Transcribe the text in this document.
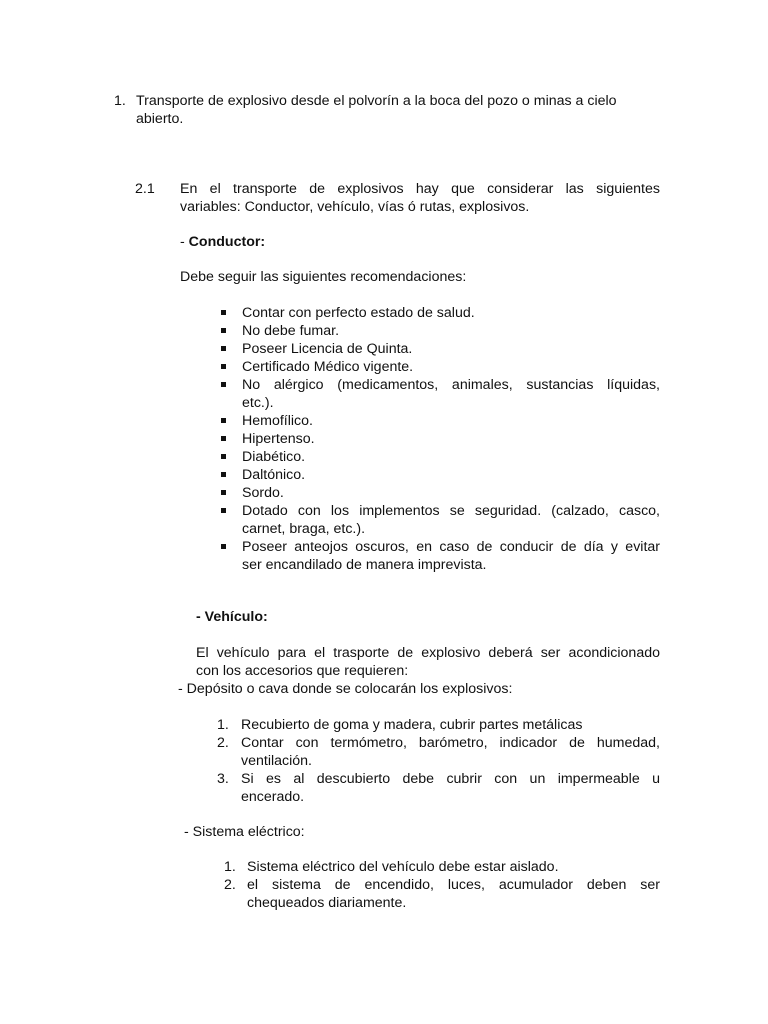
1. Transporte de explosivo desde el polvorín a la boca del pozo o minas a cielo
abierto.
2.1 En el transporte de explosivos hay que considerar las siguientes
variables: Conductor, vehículo, vías ó rutas, explosivos.
- Conductor:
Debe seguir las siguientes recomendaciones:
Contar con perfecto estado de salud.
No debe fumar.
Poseer Licencia de Quinta.
Certificado Médico vigente.
No alérgico (medicamentos, animales, sustancias líquidas,
etc.).
Hemofílico.
Hipertenso.
Diabético.
Daltónico.
Sordo.
Dotado con los implementos se seguridad. (calzado, casco,
carnet, braga, etc.).
Poseer anteojos oscuros, en caso de conducir de día y evitar
ser encandilado de manera imprevista.
- Vehículo:
El vehículo para el trasporte de explosivo deberá ser acondicionado
con los accesorios que requieren:
- Depósito o cava donde se colocarán los explosivos:
1. Recubierto de goma y madera, cubrir partes metálicas
2. Contar con termómetro, barómetro, indicador de humedad,
ventilación.
3. Si es al descubierto debe cubrir con un impermeable u
encerado.
- Sistema eléctrico:
1. Sistema eléctrico del vehículo debe estar aislado.
2. el sistema de encendido, luces, acumulador deben ser
chequeados diariamente.
